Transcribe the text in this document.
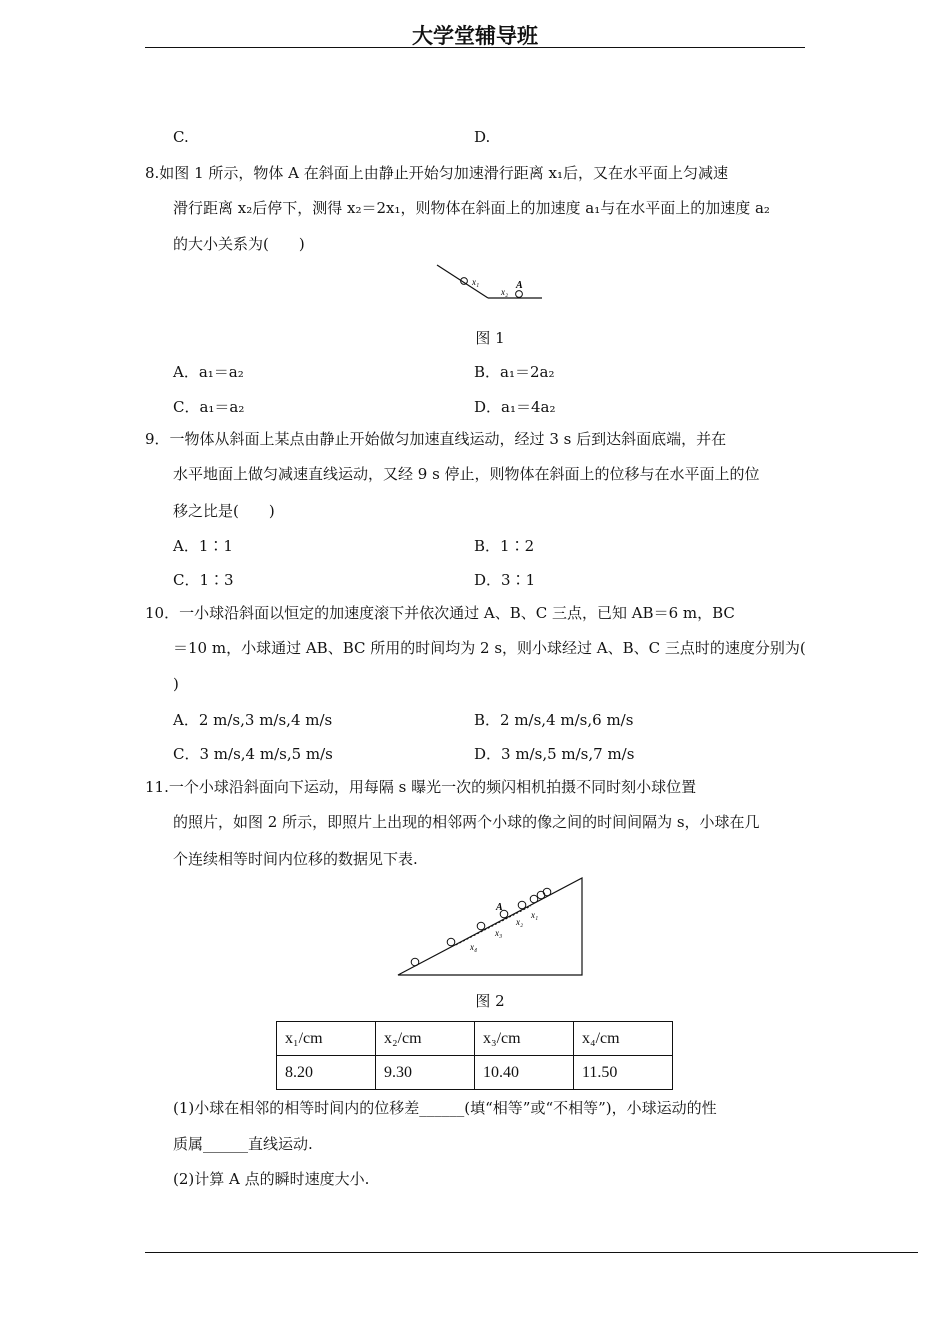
大学堂辅导班
C.	D.
8.如图 1 所示，物体 A 在斜面上由静止开始匀加速滑行距离 x₁后，又在水平面上匀减速
滑行距离 x₂后停下，测得 x₂＝2x₁，则物体在斜面上的加速度 a₁与在水平面上的加速度 a₂
的大小关系为(　　)
x₁
x₂
A
图 1
A．a₁＝a₂	B．a₁＝2a₂
C．a₁＝a₂	D．a₁＝4a₂
9．一物体从斜面上某点由静止开始做匀加速直线运动，经过 3 s 后到达斜面底端，并在
水平地面上做匀减速直线运动，又经 9 s 停止，则物体在斜面上的位移与在水平面上的位
移之比是(　　)
A．1∶1	B．1∶2
C．1∶3	D．3∶1
10．一小球沿斜面以恒定的加速度滚下并依次通过 A、B、C 三点，已知 AB＝6 m，BC
＝10 m，小球通过 AB、BC 所用的时间均为 2 s，则小球经过 A、B、C 三点时的速度分别为(
)
A．2 m/s,3 m/s,4 m/s	B．2 m/s,4 m/s,6 m/s
C．3 m/s,4 m/s,5 m/s	D．3 m/s,5 m/s,7 m/s
11.一个小球沿斜面向下运动，用每隔 s 曝光一次的频闪相机拍摄不同时刻小球位置
的照片，如图 2 所示，即照片上出现的相邻两个小球的像之间的时间间隔为 s，小球在几
个连续相等时间内位移的数据见下表.
A
x₁
x₂
x₃
x₄
图 2
x₁/cm	x₂/cm	x₃/cm	x₄/cm
8.20	9.30	10.40	11.50
(1)小球在相邻的相等时间内的位移差______(填“相等”或“不相等”)，小球运动的性
质属______直线运动.
(2)计算 A 点的瞬时速度大小.
